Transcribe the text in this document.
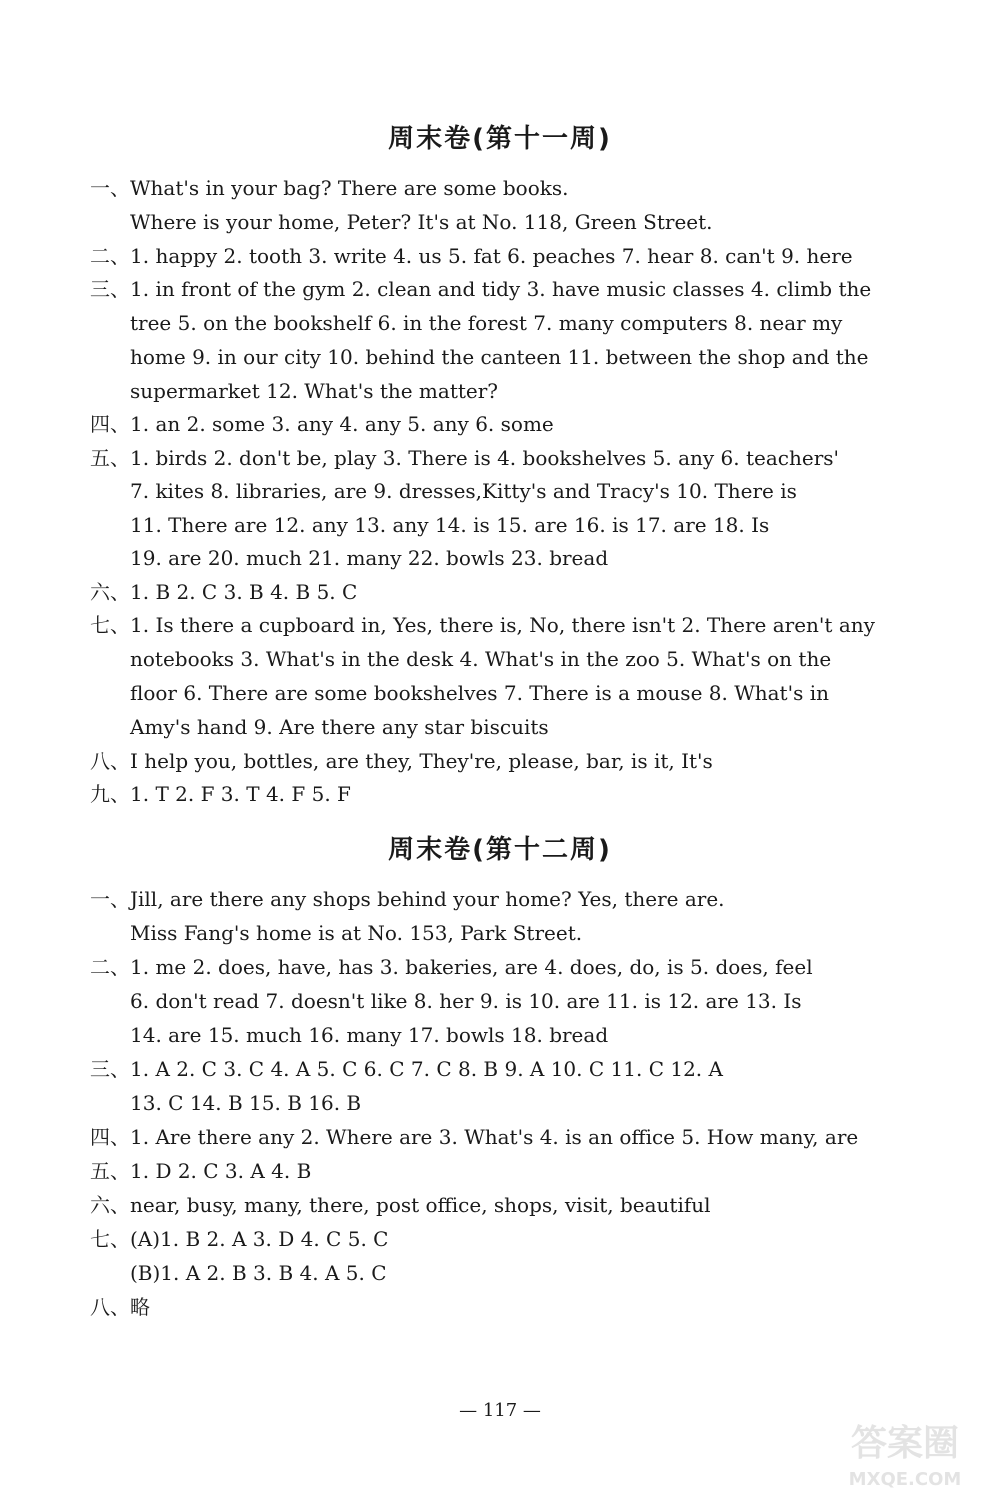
周末卷(第十一周)
一、What's in your bag? There are some books.
Where is your home, Peter? It's at No. 118, Green Street.
二、1. happy 2. tooth 3. write 4. us 5. fat 6. peaches 7. hear 8. can't 9. here
三、1. in front of the gym 2. clean and tidy 3. have music classes 4. climb the
tree 5. on the bookshelf 6. in the forest 7. many computers 8. near my
home 9. in our city 10. behind the canteen 11. between the shop and the
supermarket 12. What's the matter?
四、1. an 2. some 3. any 4. any 5. any 6. some
五、1. birds 2. don't be, play 3. There is 4. bookshelves 5. any 6. teachers'
7. kites 8. libraries, are 9. dresses,Kitty's and Tracy's 10. There is
11. There are 12. any 13. any 14. is 15. are 16. is 17. are 18. Is
19. are 20. much 21. many 22. bowls 23. bread
六、1. B 2. C 3. B 4. B 5. C
七、1. Is there a cupboard in, Yes, there is, No, there isn't 2. There aren't any
notebooks 3. What's in the desk 4. What's in the zoo 5. What's on the
floor 6. There are some bookshelves 7. There is a mouse 8. What's in
Amy's hand 9. Are there any star biscuits
八、I help you, bottles, are they, They're, please, bar, is it, It's
九、1. T 2. F 3. T 4. F 5. F
周末卷(第十二周)
一、Jill, are there any shops behind your home? Yes, there are.
Miss Fang's home is at No. 153, Park Street.
二、1. me 2. does, have, has 3. bakeries, are 4. does, do, is 5. does, feel
6. don't read 7. doesn't like 8. her 9. is 10. are 11. is 12. are 13. Is
14. are 15. much 16. many 17. bowls 18. bread
三、1. A 2. C 3. C 4. A 5. C 6. C 7. C 8. B 9. A 10. C 11. C 12. A
13. C 14. B 15. B 16. B
四、1. Are there any 2. Where are 3. What's 4. is an office 5. How many, are
五、1. D 2. C 3. A 4. B
六、near, busy, many, there, post office, shops, visit, beautiful
七、(A)1. B 2. A 3. D 4. C 5. C
(B)1. A 2. B 3. B 4. A 5. C
八、略
— 117 —
答案圈
MXQE.COM
